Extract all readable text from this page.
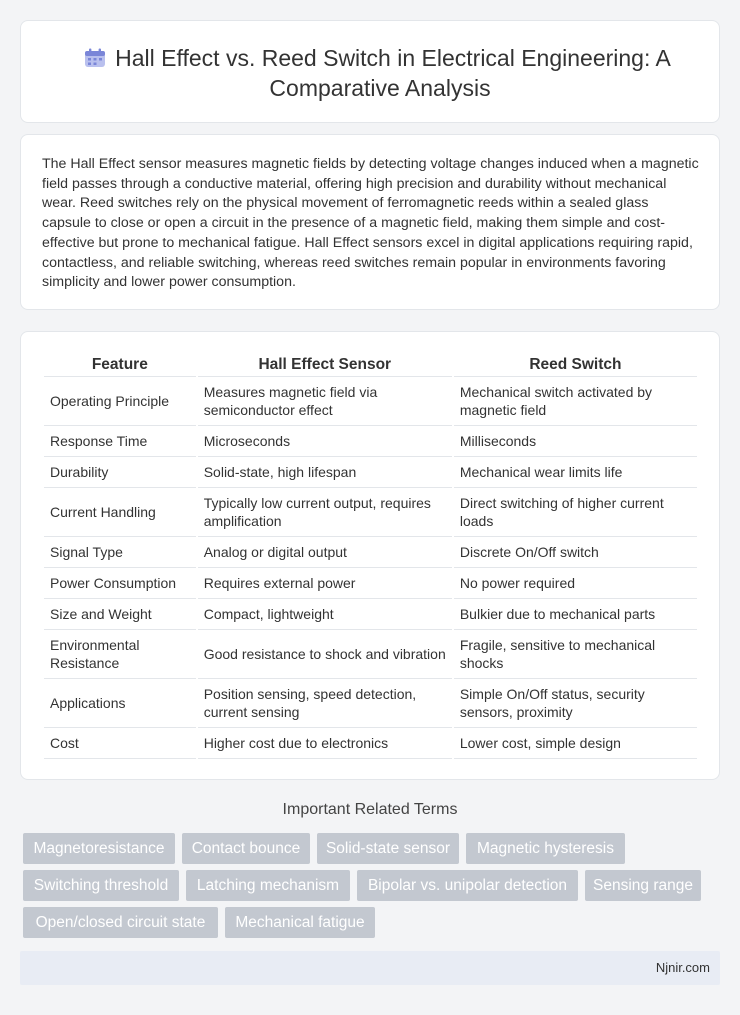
Hall Effect vs. Reed Switch in Electrical Engineering: A Comparative Analysis

The Hall Effect sensor measures magnetic fields by detecting voltage changes induced when a magnetic field passes through a conductive material, offering high precision and durability without mechanical wear. Reed switches rely on the physical movement of ferromagnetic reeds within a sealed glass capsule to close or open a circuit in the presence of a magnetic field, making them simple and cost-effective but prone to mechanical fatigue. Hall Effect sensors excel in digital applications requiring rapid, contactless, and reliable switching, whereas reed switches remain popular in environments favoring simplicity and lower power consumption.

Feature	Hall Effect Sensor	Reed Switch
Operating Principle	Measures magnetic field via semiconductor effect	Mechanical switch activated by magnetic field
Response Time	Microseconds	Milliseconds
Durability	Solid-state, high lifespan	Mechanical wear limits life
Current Handling	Typically low current output, requires amplification	Direct switching of higher current loads
Signal Type	Analog or digital output	Discrete On/Off switch
Power Consumption	Requires external power	No power required
Size and Weight	Compact, lightweight	Bulkier due to mechanical parts
Environmental Resistance	Good resistance to shock and vibration	Fragile, sensitive to mechanical shocks
Applications	Position sensing, speed detection, current sensing	Simple On/Off status, security sensors, proximity
Cost	Higher cost due to electronics	Lower cost, simple design
Important Related Terms
Magnetoresistance	Contact bounce	Solid-state sensor	Magnetic hysteresis
Switching threshold	Latching mechanism	Bipolar vs. unipolar detection	Sensing range
Open/closed circuit state	Mechanical fatigue
Njnir.com
